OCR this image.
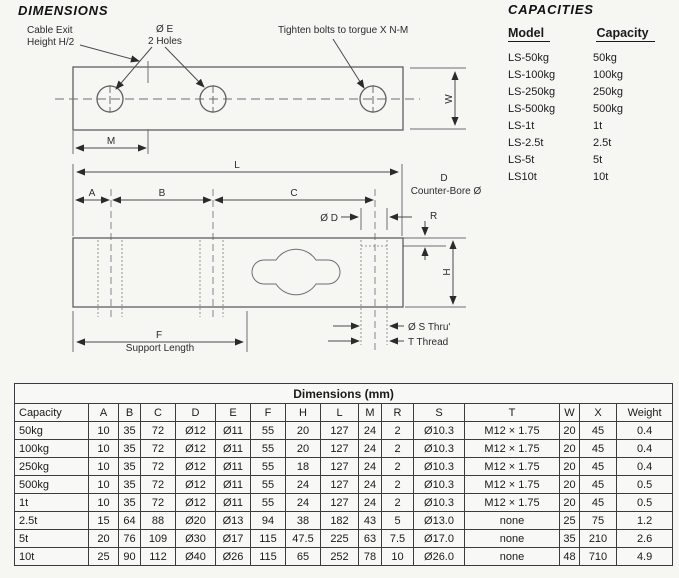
DIMENSIONS
M
Cable Exit
Height H/2
Ø E
2 Holes
Tighten bolts to torgue X N-M
W
L
A	B	C
Ø D
D
Counter-Bore Ø
R
H
F
Support Length
Ø S Thru'
T Thread
CAPACITIES
Model	Capacity
LS-50kg	50kg
LS-100kg	100kg
LS-250kg	250kg
LS-500kg	500kg
LS-1t	1t
LS-2.5t	2.5t
LS-5t	5t
LS10t	10t
Dimensions (mm)															
Capacity	A	B	C	D	E	F	H	L	M	R	S	T	W	X	Weight
50kg	10	35	72	Ø12	Ø11	55	20	127	24	2	Ø10.3	M12 × 1.75	20	45	0.4
100kg	10	35	72	Ø12	Ø11	55	20	127	24	2	Ø10.3	M12 × 1.75	20	45	0.4
250kg	10	35	72	Ø12	Ø11	55	18	127	24	2	Ø10.3	M12 × 1.75	20	45	0.4
500kg	10	35	72	Ø12	Ø11	55	24	127	24	2	Ø10.3	M12 × 1.75	20	45	0.5
1t	10	35	72	Ø12	Ø11	55	24	127	24	2	Ø10.3	M12 × 1.75	20	45	0.5
2.5t	15	64	88	Ø20	Ø13	94	38	182	43	5	Ø13.0	none	25	75	1.2
5t	20	76	109	Ø30	Ø17	115	47.5	225	63	7.5	Ø17.0	none	35	210	2.6
10t	25	90	112	Ø40	Ø26	115	65	252	78	10	Ø26.0	none	48	710	4.9
